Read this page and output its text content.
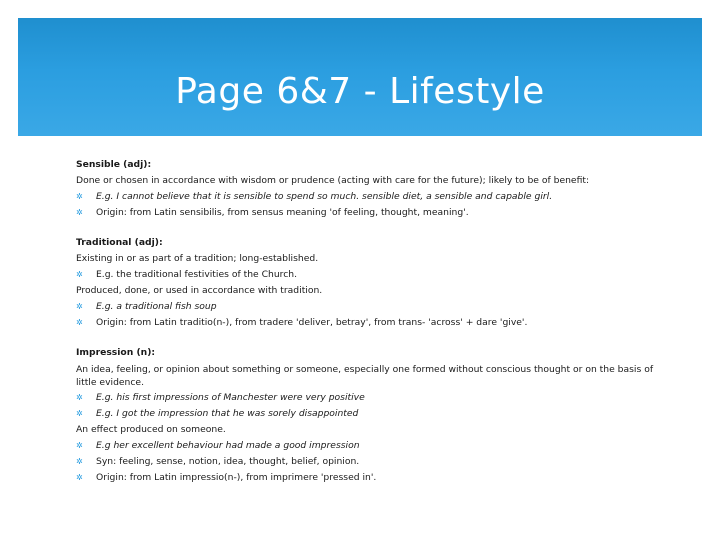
Page 6&7 - Lifestyle

Sensible (adj):

Done or chosen in accordance with wisdom or prudence (acting with care for the future); likely to be of benefit:

✲ E.g. I cannot believe that it is sensible to spend so much. sensible diet, a sensible and capable girl.

✲ Origin: from Latin sensibilis, from sensus meaning 'of feeling, thought, meaning'.

Traditional (adj):

Existing in or as part of a tradition; long-established.

✲ E.g. the traditional festivities of the Church.

Produced, done, or used in accordance with tradition.

✲ E.g. a traditional fish soup

✲ Origin: from Latin traditio(n-), from tradere 'deliver, betray', from trans- 'across' + dare 'give'.

Impression (n):

An idea, feeling, or opinion about something or someone, especially one formed without conscious thought or on the basis of little evidence.

✲ E.g. his first impressions of Manchester were very positive

✲ E.g. I got the impression that he was sorely disappointed

An effect produced on someone.

✲ E.g her excellent behaviour had made a good impression

✲ Syn: feeling, sense, notion, idea, thought, belief, opinion.

✲ Origin: from Latin impressio(n-), from imprimere 'pressed in'.
